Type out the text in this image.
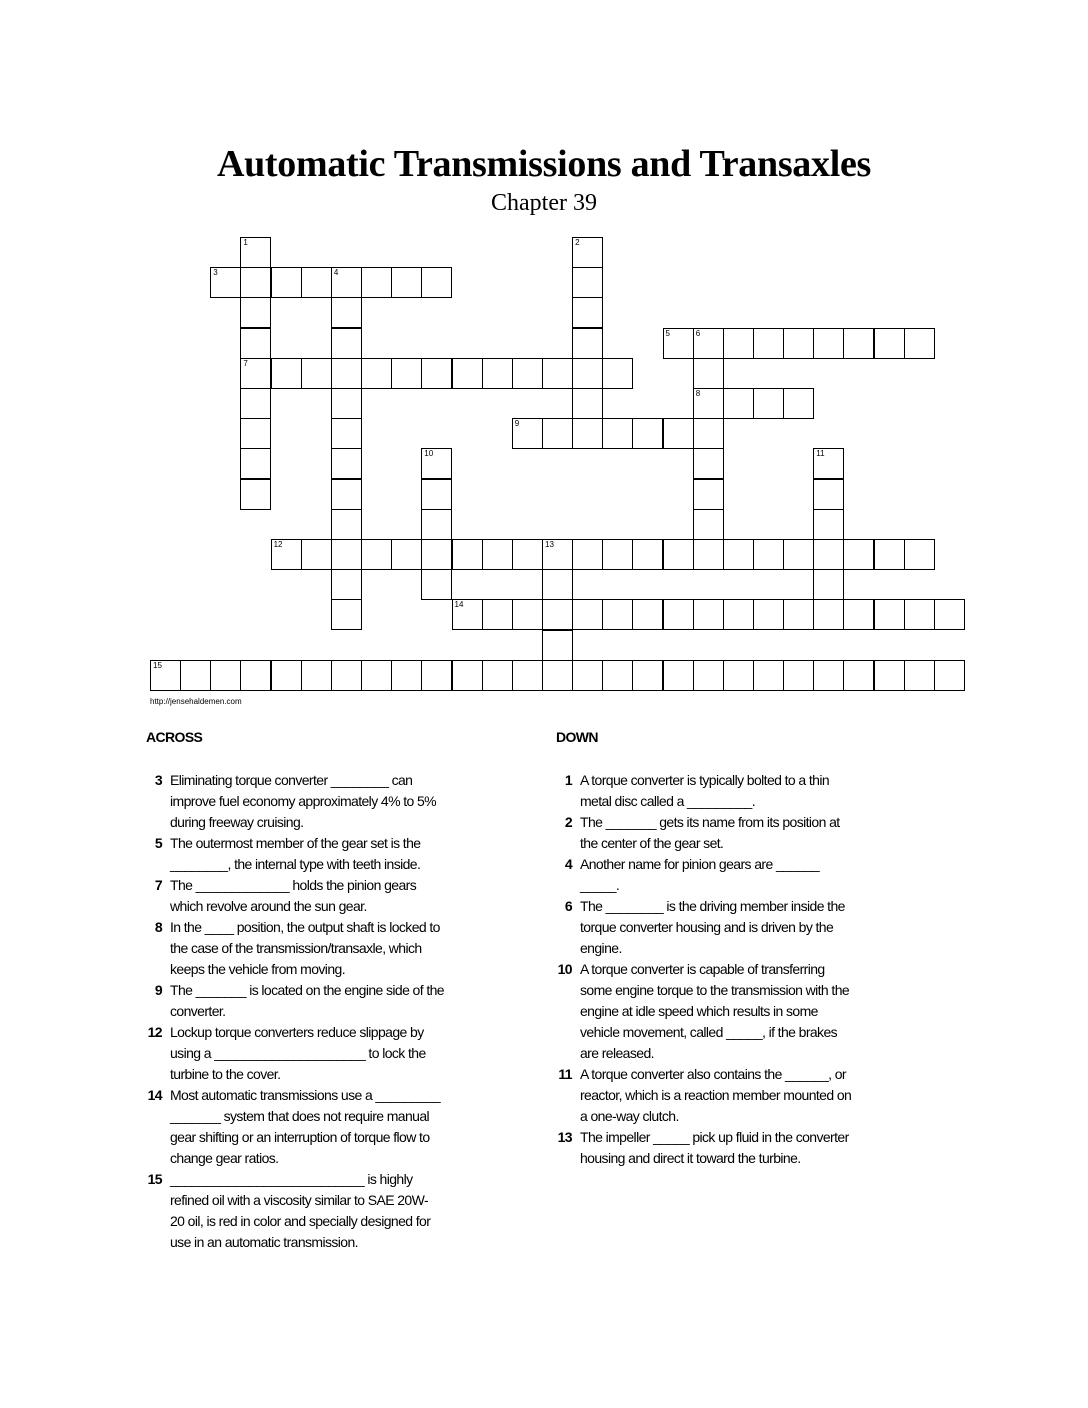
Automatic Transmissions and Transaxles
Chapter 39
3	4
5	6
7
8
9
12	13
14
15
1	2
10	11
http://jensehaldemen.com
ACROSS	DOWN
3 Eliminating torque converter ________ can
improve fuel economy approximately 4% to 5%
during freeway cruising.
5 The outermost member of the gear set is the
________, the internal type with teeth inside.
7 The _____________ holds the pinion gears
which revolve around the sun gear.
8 In the ____ position, the output shaft is locked to
the case of the transmission/transaxle, which
keeps the vehicle from moving.
9 The _______ is located on the engine side of the
converter.
12 Lockup torque converters reduce slippage by
using a _____________________ to lock the
turbine to the cover.
14 Most automatic transmissions use a _________
_______ system that does not require manual
gear shifting or an interruption of torque flow to
change gear ratios.
15 ___________________________ is highly
refined oil with a viscosity similar to SAE 20W-
20 oil, is red in color and specially designed for
use in an automatic transmission.
1 A torque converter is typically bolted to a thin
metal disc called a _________.
2 The _______ gets its name from its position at
the center of the gear set.
4 Another name for pinion gears are ______
_____.
6 The ________ is the driving member inside the
torque converter housing and is driven by the
engine.
10 A torque converter is capable of transferring
some engine torque to the transmission with the
engine at idle speed which results in some
vehicle movement, called _____, if the brakes
are released.
11 A torque converter also contains the ______, or
reactor, which is a reaction member mounted on
a one-way clutch.
13 The impeller _____ pick up fluid in the converter
housing and direct it toward the turbine.
